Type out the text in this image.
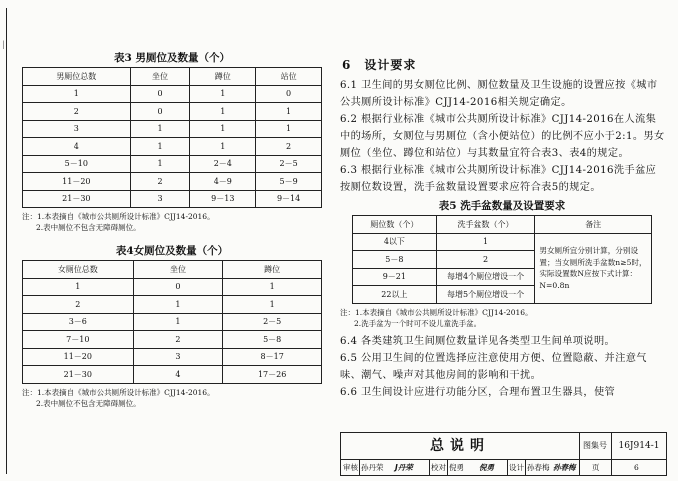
|
表3 男厕位及数量（个）
男厕位总数	坐位	蹲位	站位
1	0	1	0
2	0	1	1
3	1	1	1
4	1	1	2
5－10	1	2－4	2－5
11－20	2	4－9	5－9
21－30	3	9－13	9－14
注：1.本表摘自《城市公共厕所设计标准》CJJ14-2016。
2.表中厕位不包含无障碍厕位。
表4女厕位及数量（个）
女厕位总数	坐位	蹲位
1	0	1
2	1	1
3－6	1	2－5
7－10	2	5－8
11－20	3	8－17
21－30	4	17－26
注：1.本表摘自《城市公共厕所设计标准》CJJ14-2016。
2.表中厕位不包含无障碍厕位。
6　设计要求

6.1 卫生间的男女厕位比例、厕位数量及卫生设施的设置应按《城市公共厕所设计标准》CJJ14-2016相关规定确定。

6.2 根据行业标准《城市公共厕所设计标准》CJJ14-2016在人流集中的场所，女厕位与男厕位（含小便站位）的比例不应小于2:1。男女厕位（坐位、蹲位和站位）与其数量宜符合表3、表4的规定。

6.3 根据行业标准《城市公共厕所设计标准》CJJ14-2016洗手盆应按厕位数设置，洗手盆数量设置要求应符合表5的规定。

表5 洗手盆数量及设置要求
厕位数（个）	洗手盆数（个）	备注
4以下	1	男女厕所宜分别计算，分别设置；当女厕所洗手盆数n≥5时，实际设置数N应按下式计算：N=0.8n
5－8	2	
9－21	每增4个厕位增设一个	
22以上	每增5个厕位增设一个	
注：1.本表摘自《城市公共厕所设计标准》CJJ14-2016。
2.洗手盆为一个时可不设儿童洗手盆。

6.4 各类建筑卫生间厕位数量详见各类型卫生间单项说明。

6.5 公用卫生间的位置选择应注意使用方便、位置隐蔽、并注意气味、潮气、噪声对其他房间的影响和干扰。

6.6 卫生间设计应进行功能分区，合理布置卫生器具，使管

总说明	图集号	16J914-1
审核 孙丹荣 J丹荣 校对 倪勇 倪勇 设计 孙春梅 孙春梅 页	6
